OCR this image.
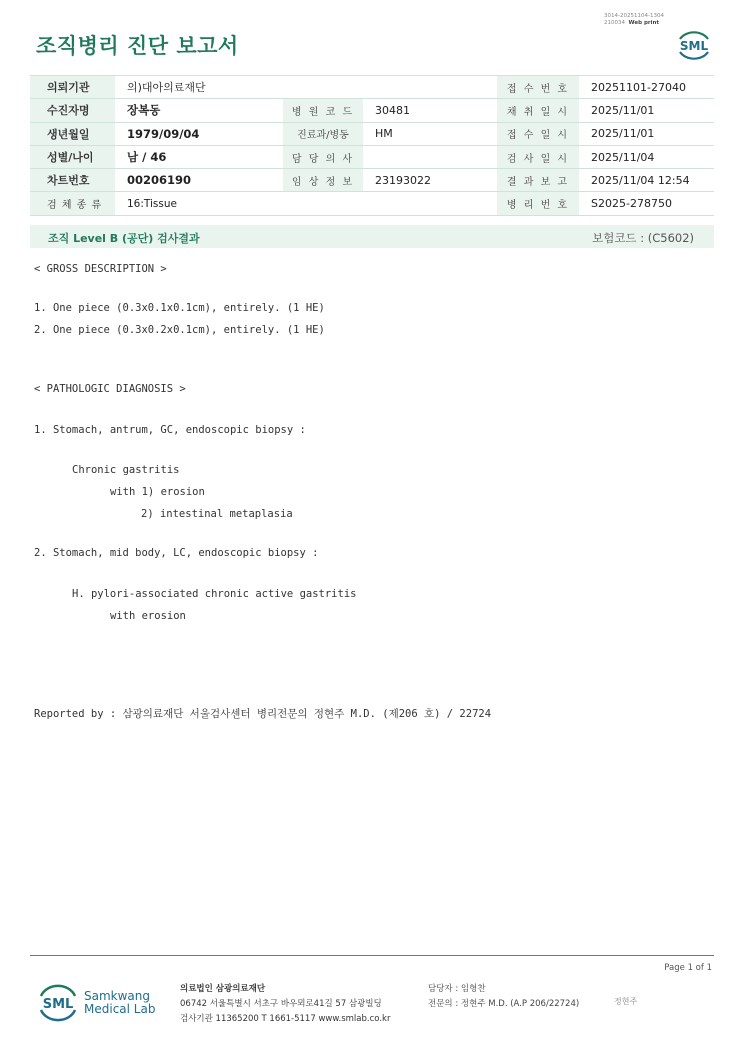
조직병리 진단 보고서
3014-20251104-1304
210034 Web print
SML
의뢰기관	의)대아의료재단			접 수 번 호	20251101-27040
수진자명	장복동	병 원 코 드	30481	채 취 일 시	2025/11/01
생년월일	1979/09/04	진료과/병동	HM	접 수 일 시	2025/11/01
성별/나이	남 / 46	담 당 의 사		검 사 일 시	2025/11/04
차트번호	00206190	임 상 정 보	23193022	결 과 보 고	2025/11/04 12:54
검 체 종 류	16:Tissue			병 리 번 호	S2025-278750
조직 Level B (공단) 검사결과	보험코드 : (C5602)
< GROSS DESCRIPTION >
1. One piece (0.3x0.1x0.1cm), entirely. (1 HE)
2. One piece (0.3x0.2x0.1cm), entirely. (1 HE)
< PATHOLOGIC DIAGNOSIS >
1. Stomach, antrum, GC, endoscopic biopsy :
Chronic gastritis
with 1) erosion
2) intestinal metaplasia
2. Stomach, mid body, LC, endoscopic biopsy :
H. pylori-associated chronic active gastritis
with erosion
Reported by : 삼광의료재단 서울검사센터 병리전문의 정현주 M.D. (제206 호) / 22724
Page 1 of 1
SML
Samkwang
Medical Lab
의료법인 삼광의료재단
06742 서울특별시 서초구 바우뫼로41길 57 삼광빌딩
검사기관 11365200 T 1661-5117 www.smlab.co.kr
담당자 : 임형찬
전문의 : 정현주 M.D. (A.P 206/22724)	정현주
